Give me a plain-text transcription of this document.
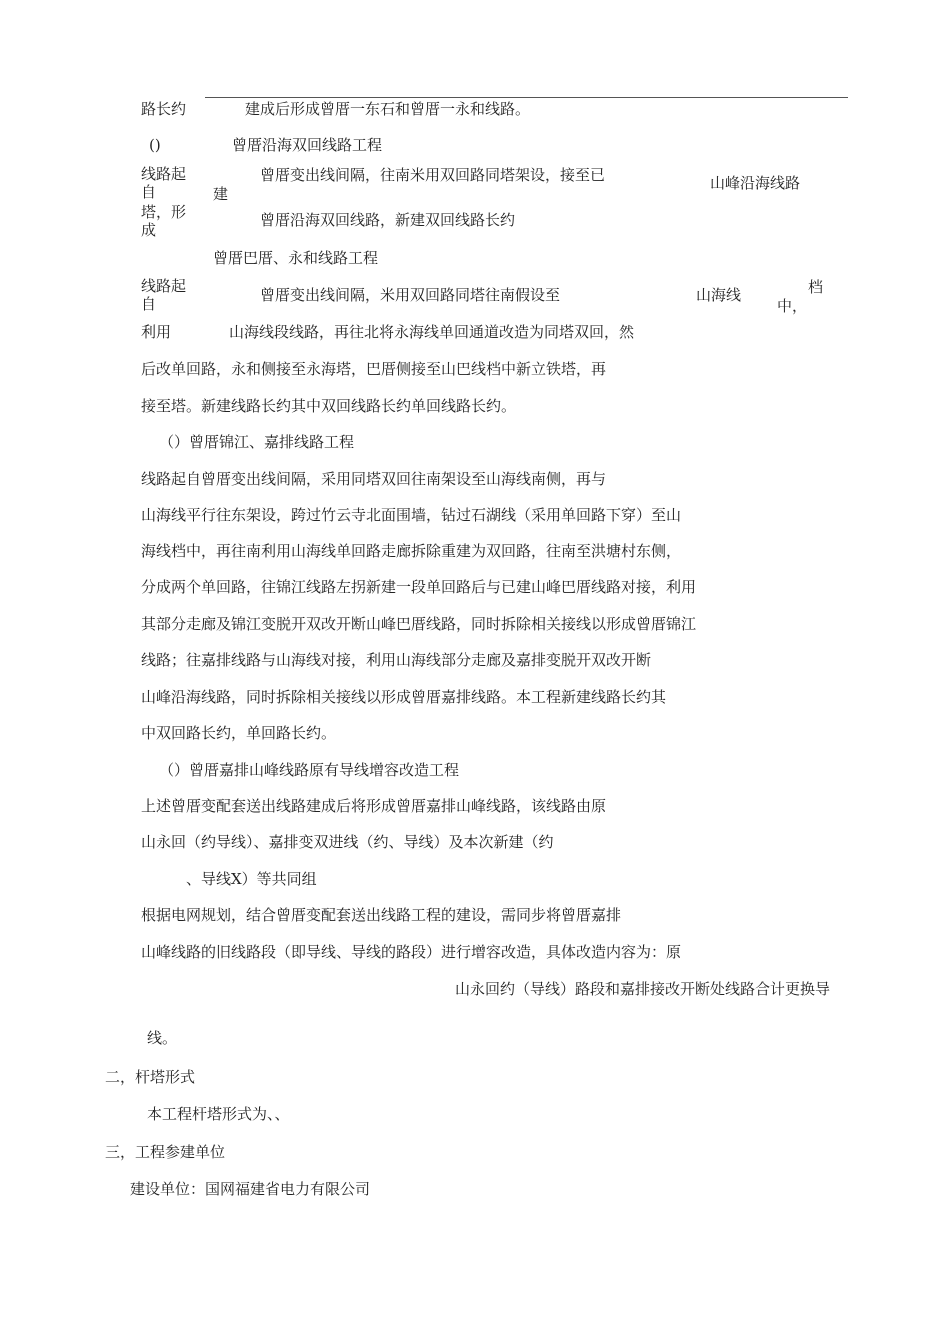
路长约	建成后形成曾厝一东石和曾厝一永和线路。
()	曾厝沿海双回线路工程
线路起
自	建
曾厝变出线间隔，往南米用双回路同塔架设，接至已	山峰沿海线路
塔，形
成
曾厝沿海双回线路，新建双回线路长约
曾厝巴厝、永和线路工程
线路起
自	曾厝变出线间隔，米用双回路同塔往南假设至	山海线
中，
档
利用	山海线段线路，再往北将永海线单回通道改造为同塔双回，然
后改单回路，永和侧接至永海塔，巴厝侧接至山巴线档中新立铁塔，再
接至塔。新建线路长约其中双回线路长约单回线路长约。
（）曾厝锦江、嘉排线路工程
线路起自曾厝变出线间隔，采用同塔双回往南架设至山海线南侧，再与
山海线平行往东架设，跨过竹云寺北面围墙，钻过石湖线（采用单回路下穿）至山
海线档中，再往南利用山海线单回路走廊拆除重建为双回路，往南至洪塘村东侧，
分成两个单回路，往锦江线路左拐新建一段单回路后与已建山峰巴厝线路对接，利用
其部分走廊及锦江变脱开双改开断山峰巴厝线路，同时拆除相关接线以形成曾厝锦江
线路；往嘉排线路与山海线对接，利用山海线部分走廊及嘉排变脱开双改开断
山峰沿海线路，同时拆除相关接线以形成曾厝嘉排线路。本工程新建线路长约其
中双回路长约，单回路长约。
（）曾厝嘉排山峰线路原有导线增容改造工程
上述曾厝变配套送出线路建成后将形成曾厝嘉排山峰线路，该线路由原
山永回（约导线）、嘉排变双进线（约、导线）及本次新建（约
、导线X）等共同组
根据电网规划，结合曾厝变配套送出线路工程的建设，需同步将曾厝嘉排
山峰线路的旧线路段（即导线、导线的路段）进行增容改造，具体改造内容为：原
山永回约（导线）路段和嘉排接改开断处线路合计更换导
线。
二，杆塔形式
本工程杆塔形式为、、
三，工程参建单位
建设单位：国网福建省电力有限公司
